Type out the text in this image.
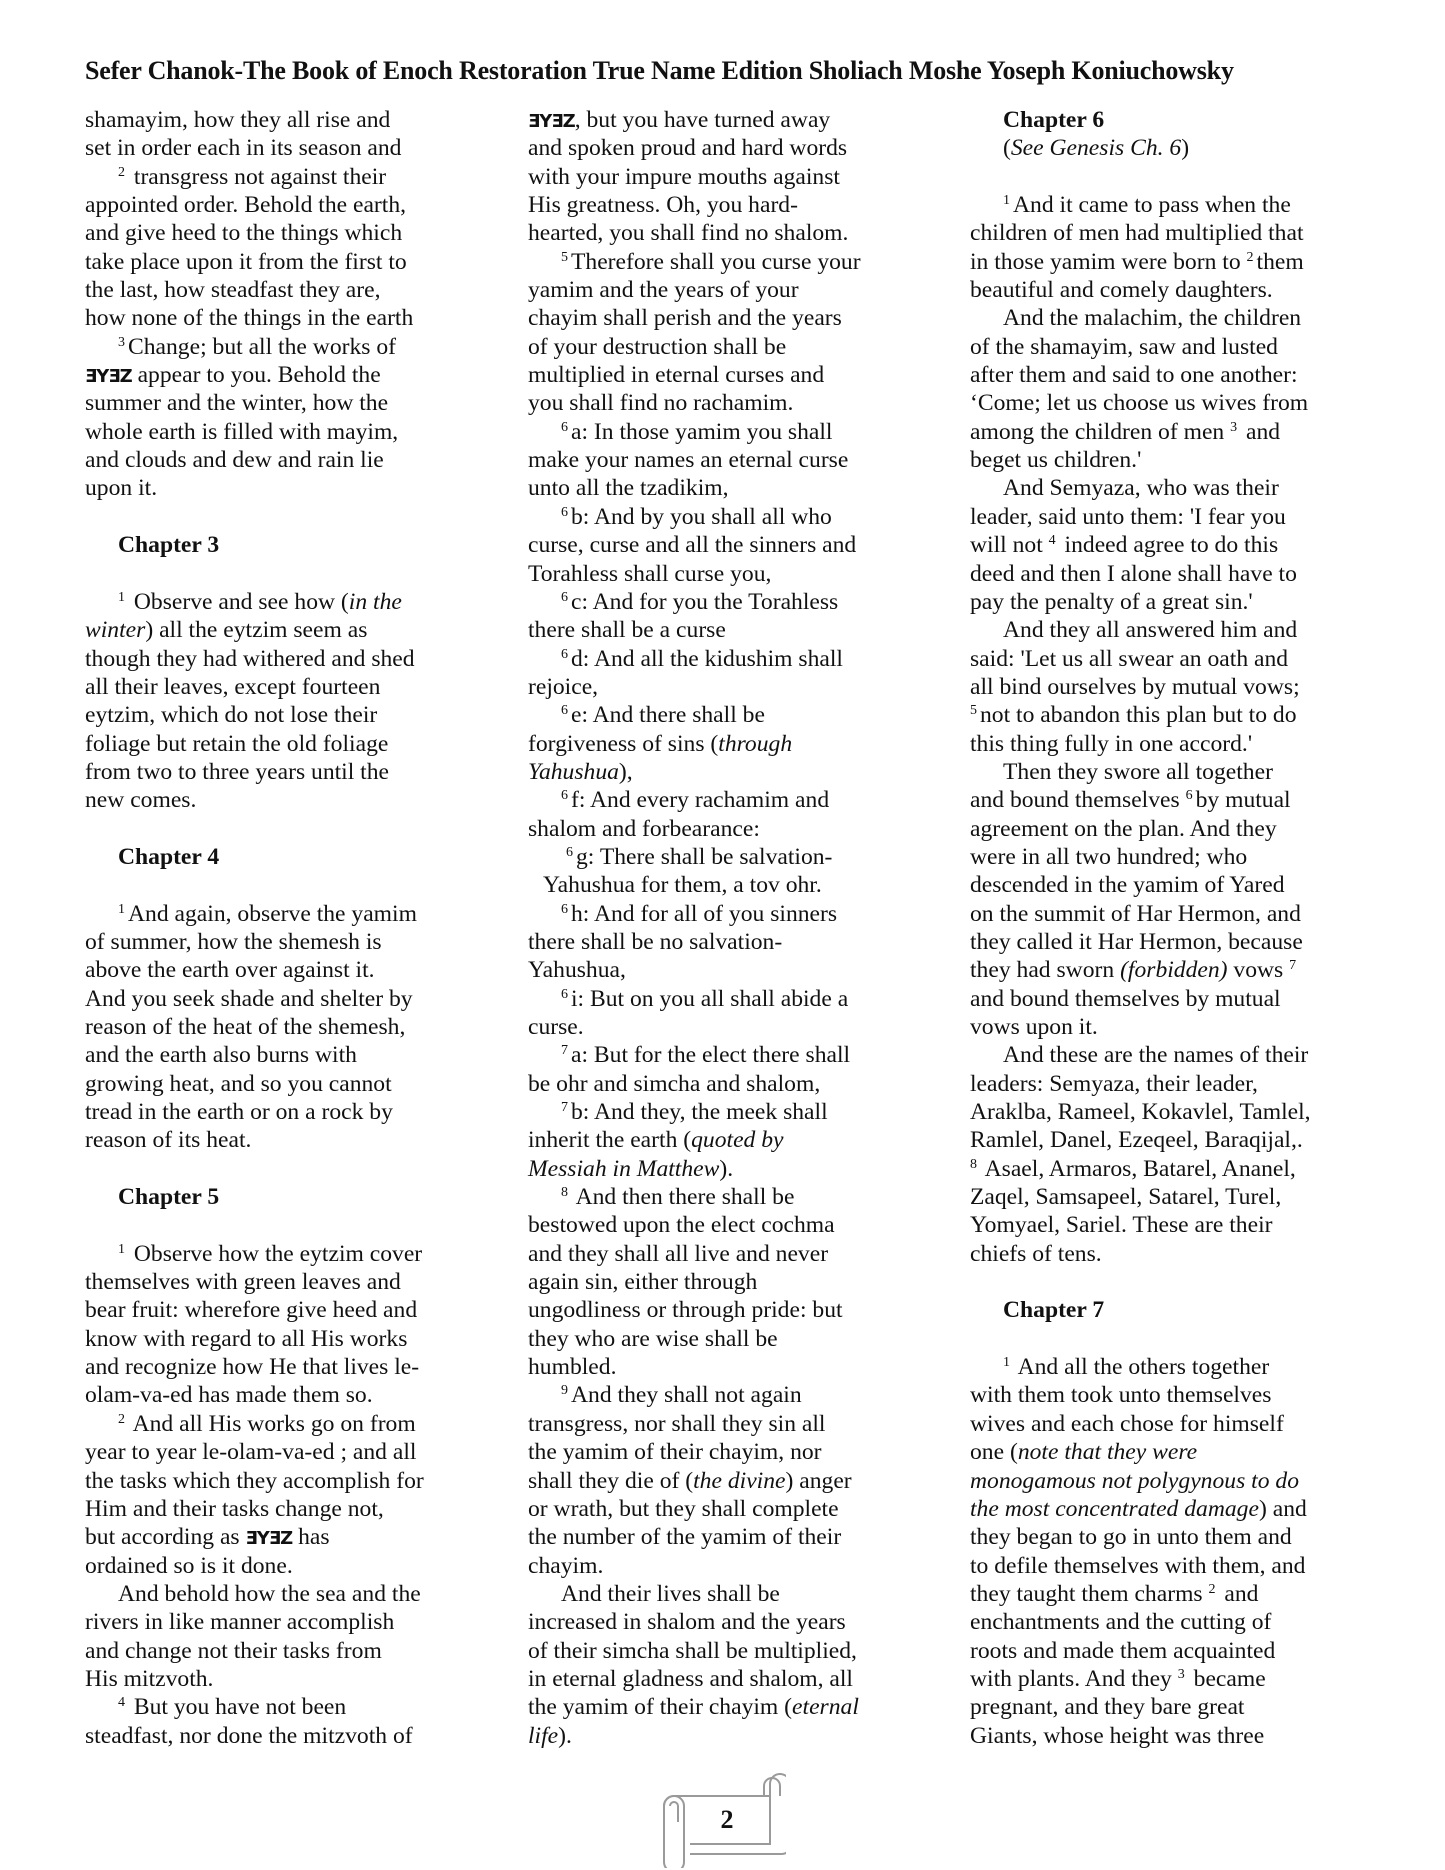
Sefer Chanok-The Book of Enoch Restoration True Name Edition Sholiach Moshe Yoseph Koniuchowsky
shamayim, how they all rise and
set in order each in its season and
$^2$ transgress not against their
appointed order. Behold the earth,
and give heed to the things which
take place upon it from the first to
the last, how steadfast they are,
how none of the things in the earth
$^3$ Change; but all the works of
ƎYƎZ appear to you. Behold the
summer and the winter, how the
whole earth is filled with mayim,
and clouds and dew and rain lie
upon it.
Chapter 3
$^1$ Observe and see how (in the
winter) all the eytzim seem as
though they had withered and shed
all their leaves, except fourteen
eytzim, which do not lose their
foliage but retain the old foliage
from two to three years until the
new comes.
Chapter 4
$^1$ And again, observe the yamim
of summer, how the shemesh is
above the earth over against it.
And you seek shade and shelter by
reason of the heat of the shemesh,
and the earth also burns with
growing heat, and so you cannot
tread in the earth or on a rock by
reason of its heat.
Chapter 5
$^1$ Observe how the eytzim cover
themselves with green leaves and
bear fruit: wherefore give heed and
know with regard to all His works
and recognize how He that lives le-
olam-va-ed has made them so.
$^2$ And all His works go on from
year to year le-olam-va-ed ; and all
the tasks which they accomplish for
Him and their tasks change not,
but according as ƎYƎZ has
ordained so is it done.
And behold how the sea and the
rivers in like manner accomplish
and change not their tasks from
His mitzvoth.
$^4$ But you have not been
steadfast, nor done the mitzvoth of
ƎYƎZ, but you have turned away
and spoken proud and hard words
with your impure mouths against
His greatness. Oh, you hard-
hearted, you shall find no shalom.
$^5$ Therefore shall you curse your
yamim and the years of your
chayim shall perish and the years
of your destruction shall be
multiplied in eternal curses and
you shall find no rachamim.
$^6$ a: In those yamim you shall
make your names an eternal curse
unto all the tzadikim,
$^6$ b: And by you shall all who
curse, curse and all the sinners and
Torahless shall curse you,
$^6$ c: And for you the Torahless
there shall be a curse
$^6$ d: And all the kidushim shall
rejoice,
$^6$ e: And there shall be
forgiveness of sins (through
Yahushua),
$^6$ f: And every rachamim and
shalom and forbearance:
$^6$ g: There shall be salvation-
Yahushua for them, a tov ohr.
$^6$ h: And for all of you sinners
there shall be no salvation-
Yahushua,
$^6$ i: But on you all shall abide a
curse.
$^7$ a: But for the elect there shall
be ohr and simcha and shalom,
$^7$ b: And they, the meek shall
inherit the earth (quoted by
Messiah in Matthew).
$^8$ And then there shall be
bestowed upon the elect cochma
and they shall all live and never
again sin, either through
ungodliness or through pride: but
they who are wise shall be
humbled.
$^9$ And they shall not again
transgress, nor shall they sin all
the yamim of their chayim, nor
shall they die of (the divine) anger
or wrath, but they shall complete
the number of the yamim of their
chayim.
And their lives shall be
increased in shalom and the years
of their simcha shall be multiplied,
in eternal gladness and shalom, all
the yamim of their chayim (eternal
life).
Chapter 6
(See Genesis Ch. 6)
$^1$ And it came to pass when the
children of men had multiplied that
in those yamim were born to $^2$ them
beautiful and comely daughters.
And the malachim, the children
of the shamayim, saw and lusted
after them and said to one another:
‘Come; let us choose us wives from
among the children of men $^3$ and
beget us children.'
And Semyaza, who was their
leader, said unto them: 'I fear you
will not $^4$ indeed agree to do this
deed and then I alone shall have to
pay the penalty of a great sin.'
And they all answered him and
said: 'Let us all swear an oath and
all bind ourselves by mutual vows;
$^5$ not to abandon this plan but to do
this thing fully in one accord.'
Then they swore all together
and bound themselves $^6$ by mutual
agreement on the plan. And they
were in all two hundred; who
descended in the yamim of Yared
on the summit of Har Hermon, and
they called it Har Hermon, because
they had sworn (forbidden) vows $^7$
and bound themselves by mutual
vows upon it.
And these are the names of their
leaders: Semyaza, their leader,
Araklba, Rameel, Kokavlel, Tamlel,
Ramlel, Danel, Ezeqeel, Baraqijal,.
$^8$ Asael, Armaros, Batarel, Ananel,
Zaqel, Samsapeel, Satarel, Turel,
Yomyael, Sariel. These are their
chiefs of tens.
Chapter 7
$^1$ And all the others together
with them took unto themselves
wives and each chose for himself
one (note that they were
monogamous not polygynous to do
the most concentrated damage) and
they began to go in unto them and
to defile themselves with them, and
they taught them charms $^2$ and
enchantments and the cutting of
roots and made them acquainted
with plants. And they $^3$ became
pregnant, and they bare great
Giants, whose height was three
2
